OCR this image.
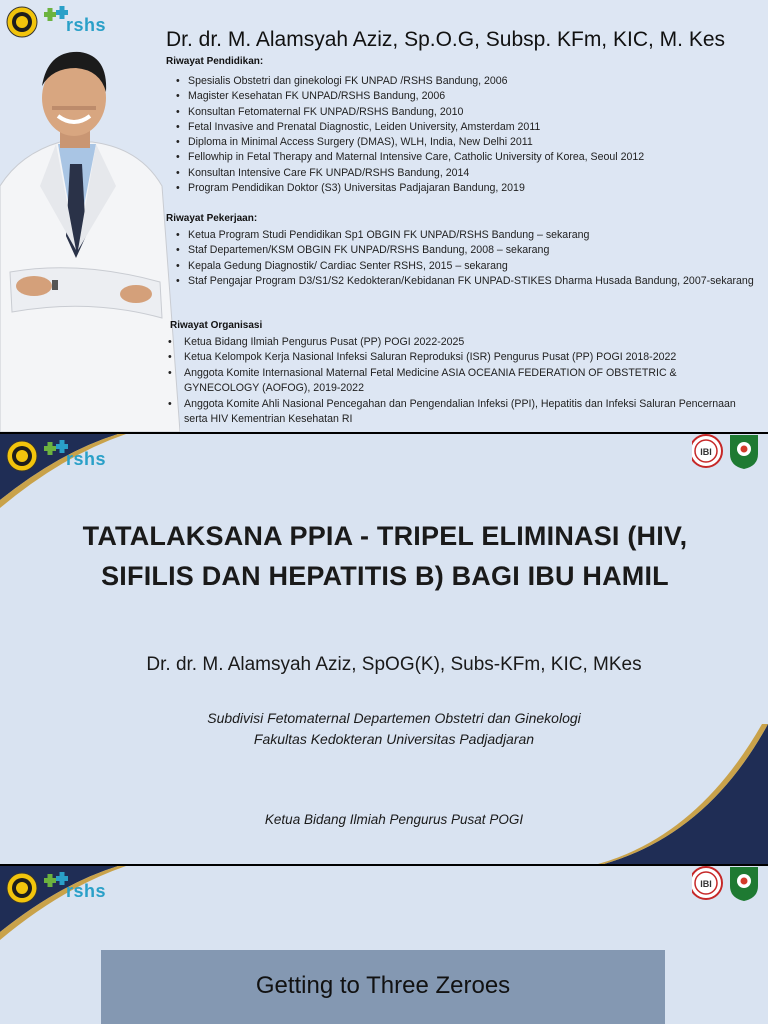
rshs
Dr. dr. M. Alamsyah Aziz, Sp.O.G, Subsp. KFm, KIC, M. Kes
Riwayat Pendidikan:
• Spesialis Obstetri dan ginekologi FK UNPAD /RSHS Bandung, 2006
• Magister Kesehatan FK UNPAD/RSHS Bandung, 2006
• Konsultan Fetomaternal FK UNPAD/RSHS Bandung, 2010
• Fetal Invasive and Prenatal Diagnostic, Leiden University, Amsterdam 2011
• Diploma in Minimal Access Surgery (DMAS), WLH, India, New Delhi 2011
• Fellowhip in Fetal Therapy and Maternal Intensive Care, Catholic University of Korea, Seoul 2012
• Konsultan Intensive Care FK UNPAD/RSHS Bandung, 2014
• Program Pendidikan Doktor (S3) Universitas Padjajaran Bandung, 2019
Riwayat Pekerjaan:
• Ketua Program Studi Pendidikan Sp1 OBGIN FK UNPAD/RSHS Bandung – sekarang
• Staf Departemen/KSM OBGIN FK UNPAD/RSHS Bandung, 2008 – sekarang
• Kepala Gedung Diagnostik/ Cardiac Senter RSHS, 2015 – sekarang
• Staf Pengajar Program D3/S1/S2 Kedokteran/Kebidanan FK UNPAD-STIKES Dharma Husada Bandung, 2007-sekarang
Riwayat Organisasi
• Ketua Bidang Ilmiah Pengurus Pusat (PP) POGI 2022-2025
• Ketua Kelompok Kerja Nasional Infeksi Saluran Reproduksi (ISR) Pengurus Pusat (PP) POGI 2018-2022
• Anggota Komite Internasional Maternal Fetal Medicine ASIA OCEANIA FEDERATION OF OBSTETRIC & GYNECOLOGY (AOFOG), 2019-2022
• Anggota Komite Ahli Nasional Pencegahan dan Pengendalian Infeksi (PPI), Hepatitis dan Infeksi Saluran Pencernaan serta HIV Kementrian Kesehatan RI
rshs	IBI
TATALAKSANA PPIA - TRIPEL ELIMINASI (HIV,
SIFILIS DAN HEPATITIS B) BAGI IBU HAMIL
Dr. dr. M. Alamsyah Aziz, SpOG(K), Subs-KFm, KIC, MKes
Subdivisi Fetomaternal Departemen Obstetri dan Ginekologi
Fakultas Kedokteran Universitas Padjadjaran
Ketua Bidang Ilmiah Pengurus Pusat POGI
rshs	IBI
Getting to Three Zeroes
